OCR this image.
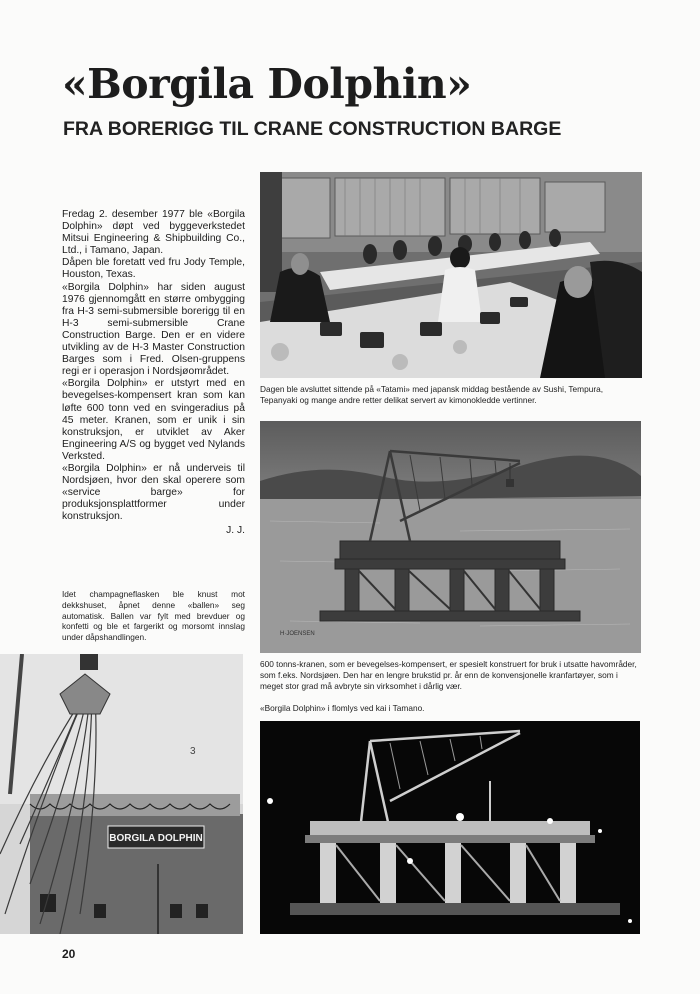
«Borgila Dolphin»
FRA BORERIGG TIL CRANE CONSTRUCTION BARGE

Fredag 2. desember 1977 ble «Borgila Dolphin» døpt ved byggeverkstedet Mitsui Engineering & Shipbuilding Co., Ltd., i Tamano, Japan.

Dåpen ble foretatt ved fru Jody Temple, Houston, Texas.

«Borgila Dolphin» har siden august 1976 gjennomgått en større ombygging fra H-3 semi-submersible borerigg til en H-3 semi-submersible Crane Construction Barge. Den er en videre utvikling av de H-3 Master Construction Barges som i Fred. Olsen-gruppens regi er i operasjon i Nordsjøområdet.

«Borgila Dolphin» er utstyrt med en bevegelses-kompensert kran som kan løfte 600 tonn ved en svingeradius på 45 meter. Kranen, som er unik i sin konstruksjon, er utviklet av Aker Engineering A/S og bygget ved Nylands Verksted.

«Borgila Dolphin» er nå underveis til Nordsjøen, hvor den skal operere som «service barge» for produksjonsplattformer under konstruksjon.

J. J.
Dagen ble avsluttet sittende på «Tatami» med japansk middag bestående av Sushi, Tempura, Tepanyaki og mange andre retter delikat servert av kimonokledde vertinner.
H·JOENSEN
Idet champagneflasken ble knust mot dekkshuset, åpnet denne «ballen» seg automatisk. Ballen var fylt med brevduer og konfetti og ble et fargerikt og morsomt innslag under dåpshandlingen.
600 tonns-kranen, som er bevegelses-kompensert, er spesielt konstruert for bruk i utsatte havområder, som f.eks. Nordsjøen. Den har en lengre brukstid pr. år enn de konvensjonelle kranfartøyer, som i meget stor grad må avbryte sin virksomhet i dårlig vær.
«Borgila Dolphin» i flomlys ved kai i Tamano.
BORGILA DOLPHIN
3
20
